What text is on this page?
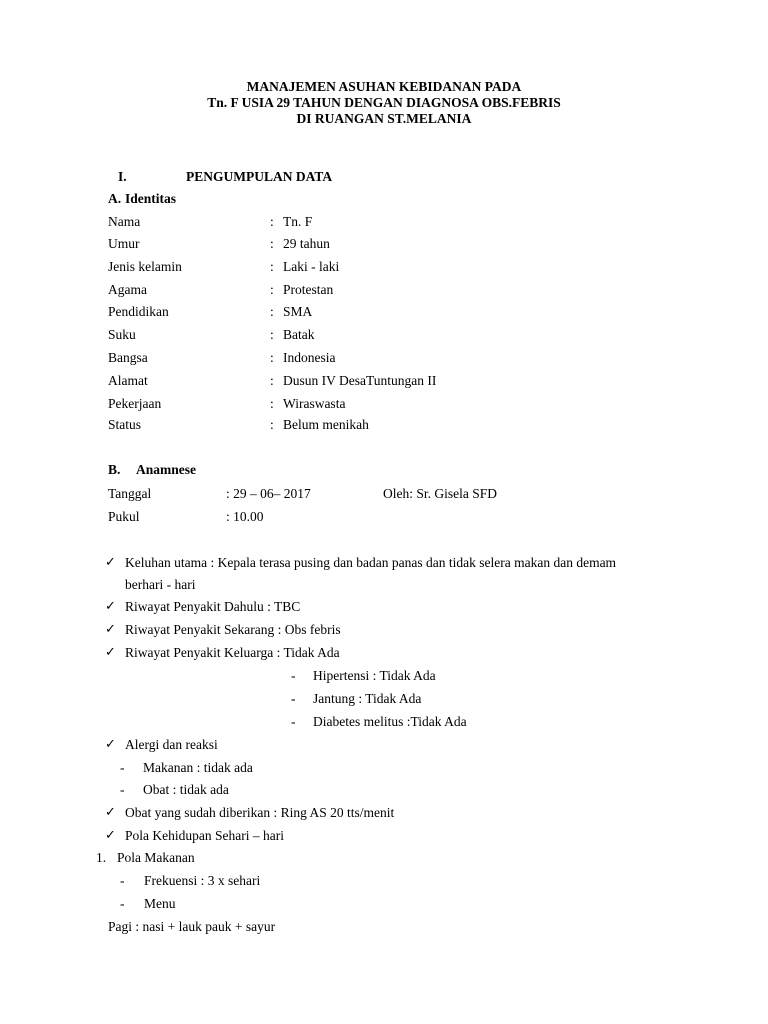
MANAJEMEN ASUHAN KEBIDANAN PADA
Tn. F USIA 29 TAHUN DENGAN DIAGNOSA OBS.FEBRIS
DI RUANGAN ST.MELANIA
I.	PENGUMPULAN DATA
A. Identitas
Nama	: Tn. F
Umur	: 29 tahun
Jenis kelamin	: Laki - laki
Agama	: Protestan
Pendidikan	: SMA
Suku	: Batak
Bangsa	: Indonesia
Alamat	: Dusun IV DesaTuntungan II
Pekerjaan	: Wiraswasta
Status	: Belum menikah
B. Anamnese
Tanggal	: 29 – 06– 2017	Oleh: Sr. Gisela SFD
Pukul	: 10.00
✓ Keluhan utama : Kepala terasa pusing dan badan panas dan tidak selera makan dan demam
berhari - hari
✓ Riwayat Penyakit Dahulu : TBC
✓ Riwayat Penyakit Sekarang : Obs febris
✓ Riwayat Penyakit Keluarga : Tidak Ada
- Hipertensi : Tidak Ada
- Jantung : Tidak Ada
- Diabetes melitus :Tidak Ada
✓ Alergi dan reaksi
- Makanan : tidak ada
- Obat : tidak ada
✓ Obat yang sudah diberikan : Ring AS 20 tts/menit
✓ Pola Kehidupan Sehari – hari
1. Pola Makanan
- Frekuensi : 3 x sehari
- Menu
Pagi : nasi + lauk pauk + sayur
